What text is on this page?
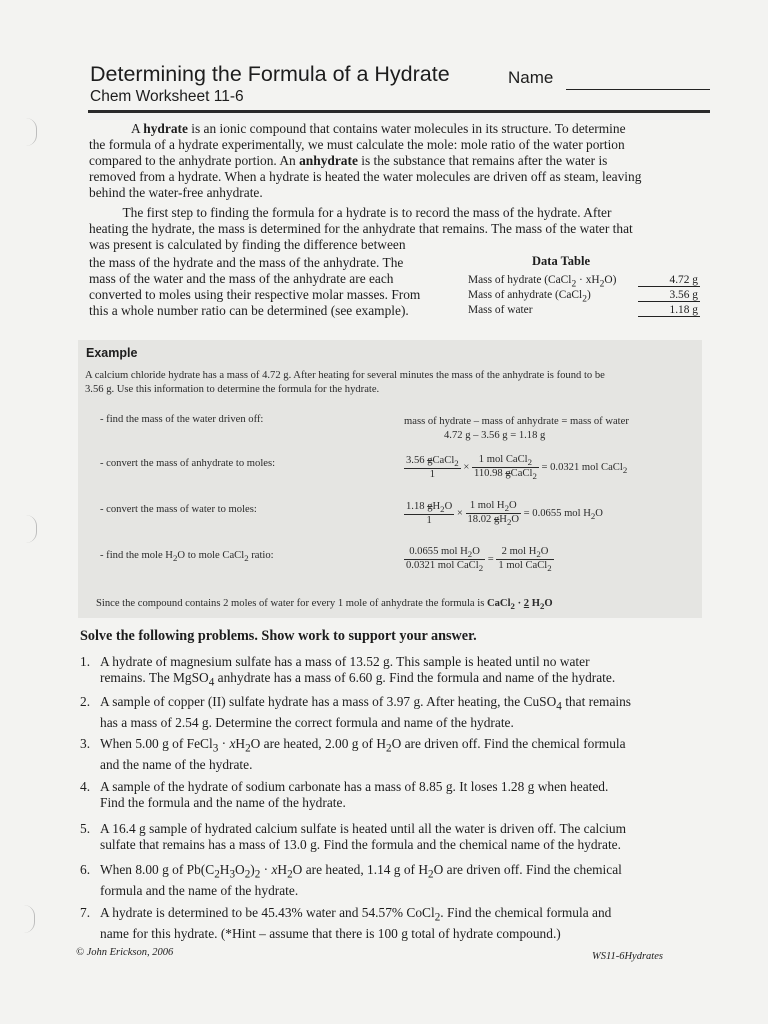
Determining the Formula of a Hydrate
Chem Worksheet 11-6
Name
A hydrate is an ionic compound that contains water molecules in its structure. To determine
the formula of a hydrate experimentally, we must calculate the mole: mole ratio of the water portion
compared to the anhydrate portion. An anhydrate is the substance that remains after the water is
removed from a hydrate. When a hydrate is heated the water molecules are driven off as steam, leaving
behind the water-free anhydrate.
The first step to finding the formula for a hydrate is to record the mass of the hydrate. After
heating the hydrate, the mass is determined for the anhydrate that remains. The mass of the water that
was present is calculated by finding the difference between
the mass of the hydrate and the mass of the anhydrate. The
mass of the water and the mass of the anhydrate are each
converted to moles using their respective molar masses. From
this a whole number ratio can be determined (see example).
Data Table
Mass of hydrate (CaCl$_2$ · $xH_2O$)	4.72 g
Mass of anhydrate (CaCl$_2$)	3.56 g
Mass of water	1.18 g
Example
A calcium chloride hydrate has a mass of 4.72 g. After heating for several minutes the mass of the anhydrate is found to be
3.56 g. Use this information to determine the formula for the hydrate.
- find the mass of the water driven off:	mass of hydrate – mass of anhydrate = mass of water
4.72 g – 3.56 g = 1.18 g
- convert the mass of anhydrate to moles:	$\frac{3.56 gCaCl_2}{1} \times \frac{1 mol CaCl_2}{110.98 gCaCl_2} = 0.0321$ mol CaCl$_2$
- convert the mass of water to moles:	$\frac{1.18 gH_2O}{1} \times \frac{1 mol H_2O}{18.02 gH_2O} = 0.0655$ mol $H_2O$
- find the mole $H_2O$ to mole CaCl$_2$ ratio:	$\frac{0.0655 mol H_2O}{0.0321 mol CaCl_2} = \frac{2 mol H_2O}{1 mol CaCl_2}$
Since the compound contains 2 moles of water for every 1 mole of anhydrate the formula is CaCl$_2$ · 2 $H_2O$
Solve the following problems. Show work to support your answer.
1. A hydrate of magnesium sulfate has a mass of 13.52 g. This sample is heated until no water
remains. The MgSO$_4$ anhydrate has a mass of 6.60 g. Find the formula and name of the hydrate.
2. A sample of copper (II) sulfate hydrate has a mass of 3.97 g. After heating, the CuSO$_4$ that remains
has a mass of 2.54 g. Determine the correct formula and name of the hydrate.
3. When 5.00 g of FeCl$_3$ · $xH_2O$ are heated, 2.00 g of $H_2O$ are driven off. Find the chemical formula
and the name of the hydrate.
4. A sample of the hydrate of sodium carbonate has a mass of 8.85 g. It loses 1.28 g when heated.
Find the formula and the name of the hydrate.
5. A 16.4 g sample of hydrated calcium sulfate is heated until all the water is driven off. The calcium
sulfate that remains has a mass of 13.0 g. Find the formula and the chemical name of the hydrate.
6. When 8.00 g of $Pb(C_2H_3O_2)_2 \cdot xH_2O$ are heated, 1.14 g of $H_2O$ are driven off. Find the chemical
formula and the name of the hydrate.
7. A hydrate is determined to be 45.43% water and 54.57% CoCl$_2$. Find the chemical formula and
name for this hydrate. (*Hint – assume that there is 100 g total of hydrate compound.)
© John Erickson, 2006	WS11-6Hydrates
